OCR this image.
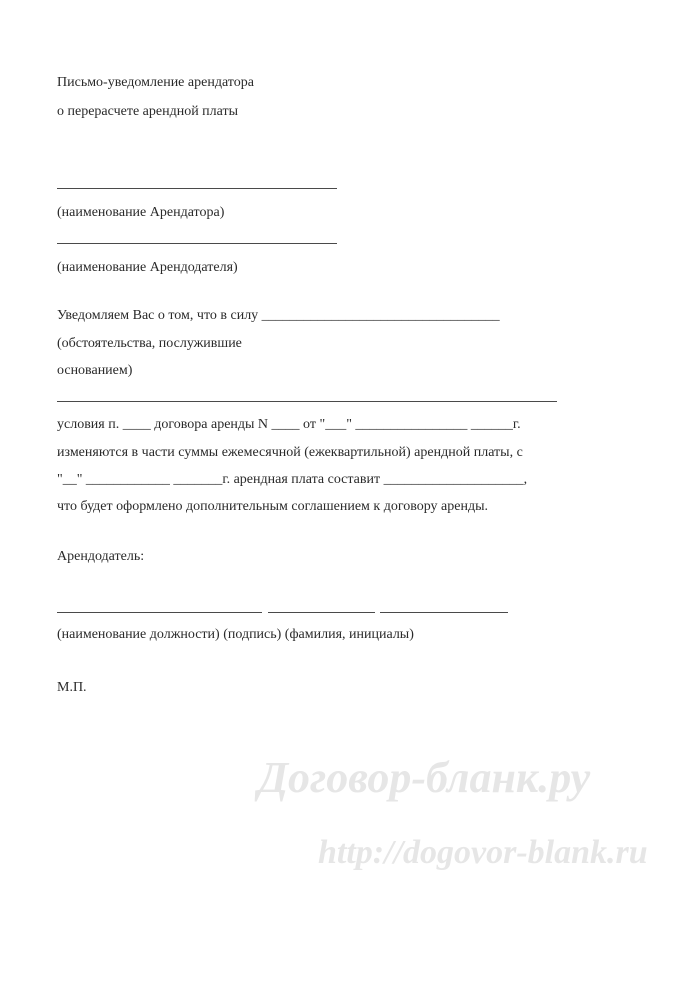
Письмо-уведомление арендатора
о перерасчете арендной платы
(наименование Арендатора)
(наименование Арендодателя)
Уведомляем Вас о том, что в силу __________________________________
(обстоятельства, послужившие
основанием)
условия п. ____ договора аренды N ____ от "___" ________________ ______г.
изменяются в части суммы ежемесячной (ежеквартильной) арендной платы, с
"__" ____________ _______г. арендная плата составит ____________________,
что будет оформлено дополнительным соглашением к договору аренды.
Арендодатель:
(наименование должности) (подпись) (фамилия, инициалы)
М.П.
Договор-бланк.ру
http://dogovor-blank.ru
